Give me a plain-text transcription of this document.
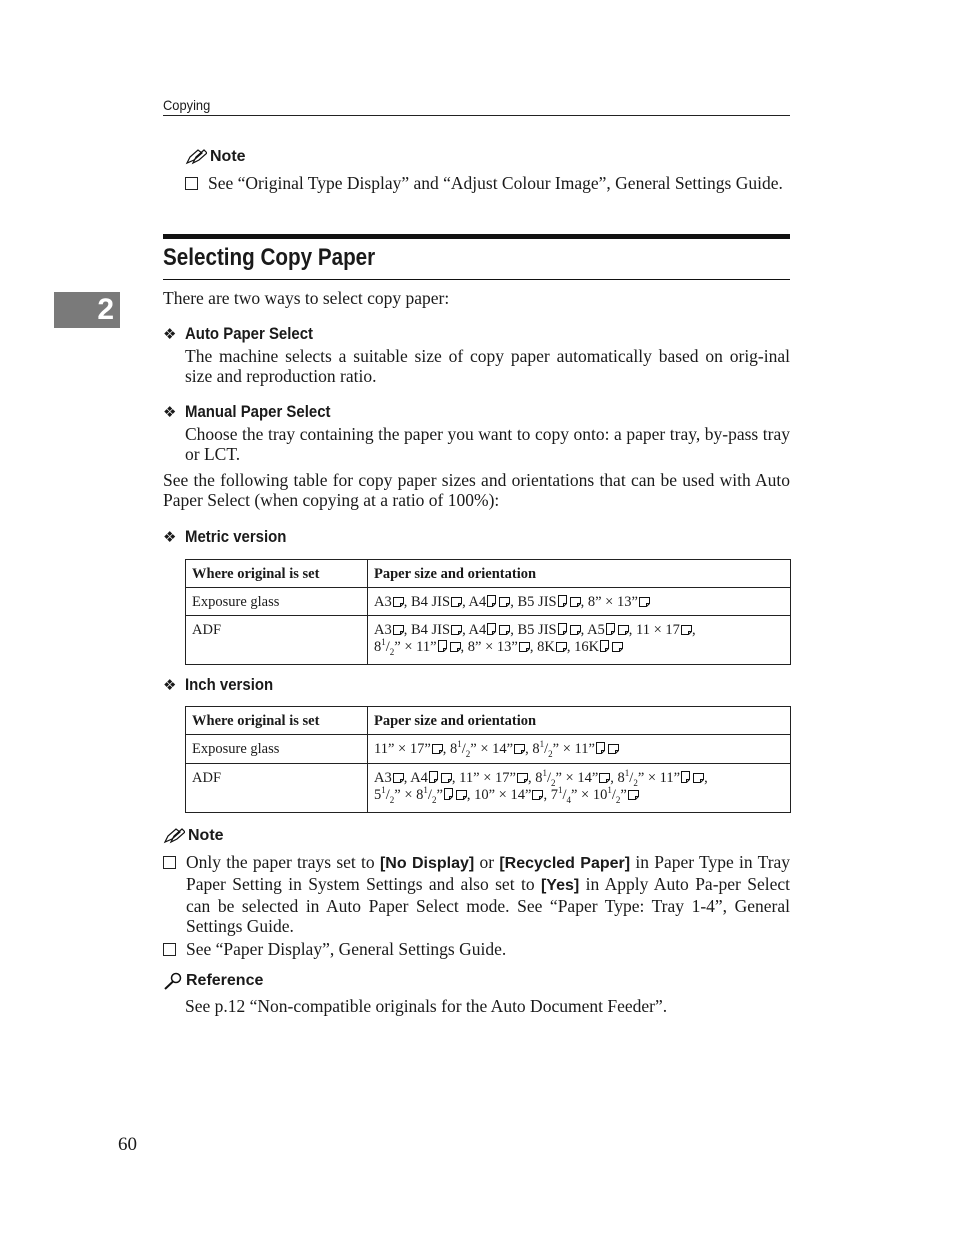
Copying
2
Note
See “Original Type Display” and “Adjust Colour Image”, General Settings Guide.
Selecting Copy Paper
There are two ways to select copy paper:
❖ Auto Paper Select
The machine selects a suitable size of copy paper automatically based on orig-inal size and reproduction ratio.
❖ Manual Paper Select
Choose the tray containing the paper you want to copy onto: a paper tray, by-pass tray or LCT.
See the following table for copy paper sizes and orientations that can be used with Auto Paper Select (when copying at a ratio of 100%):
❖ Metric version
Where original is set	Paper size and orientation
Exposure glass	A3 , B4 JIS , A4 , B5 JIS , 8” × 13”
ADF	A3 , B4 JIS , A4 , B5 JIS , A5 , 11 × 17 ,
$8^1/_2$” × 11” , 8” × 13” , 8K , 16K
❖ Inch version
Where original is set	Paper size and orientation
Exposure glass	11” × 17” , $8^1/_2$” × 14” , $8^1/_2$” × 11”
ADF	A3 , A4 , 11” × 17” , $8^1/_2$” × 14” , $8^1/_2$” × 11” ,
$5^1/_2$” × $8^1/_2$” , 10” × 14” , $7^1/_4$” × $10^1/_2$”
Note
Only the paper trays set to [No Display] or [Recycled Paper] in Paper Type in Tray Paper Setting in System Settings and also set to [Yes] in Apply Auto Pa-per Select can be selected in Auto Paper Select mode. See “Paper Type: Tray 1-4”, General Settings Guide.
See “Paper Display”, General Settings Guide.
Reference
See p.12 “Non-compatible originals for the Auto Document Feeder”.
60
